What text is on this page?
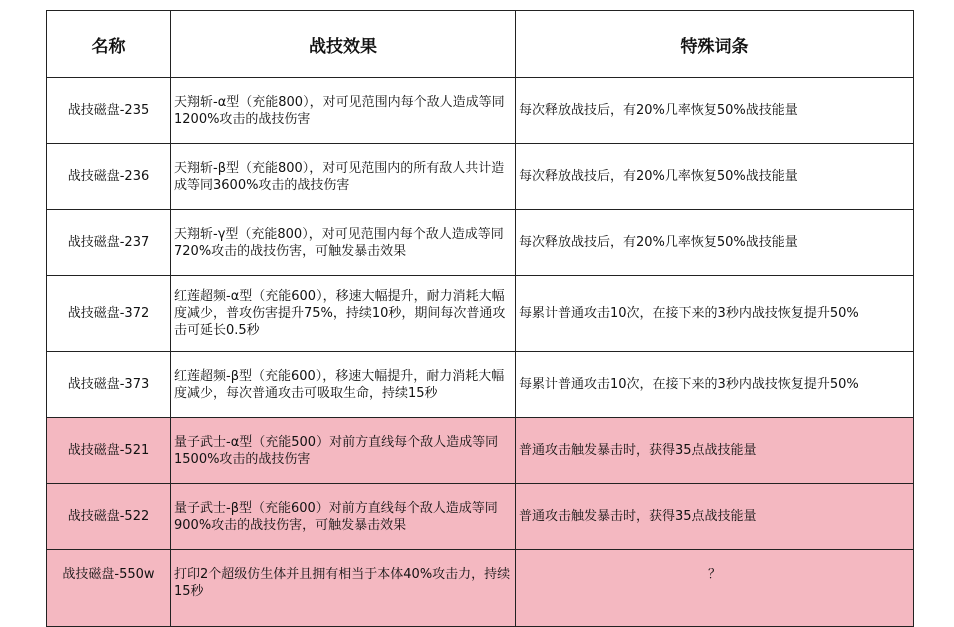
名称	战技效果	特殊词条
战技磁盘-235	天翔斩-α型（充能800），对可见范围内每个敌人造成等同1200%攻击的战技伤害	每次释放战技后，有20%几率恢复50%战技能量
战技磁盘-236	天翔斩-β型（充能800），对可见范围内的所有敌人共计造成等同3600%攻击的战技伤害	每次释放战技后，有20%几率恢复50%战技能量
战技磁盘-237	天翔斩-γ型（充能800），对可见范围内每个敌人造成等同720%攻击的战技伤害，可触发暴击效果	每次释放战技后，有20%几率恢复50%战技能量
战技磁盘-372	红莲超频-α型（充能600），移速大幅提升，耐力消耗大幅度减少，普攻伤害提升75%，持续10秒，期间每次普通攻击可延长0.5秒	每累计普通攻击10次，在接下来的3秒内战技恢复提升50%
战技磁盘-373	红莲超频-β型（充能600），移速大幅提升，耐力消耗大幅度减少，每次普通攻击可吸取生命，持续15秒	每累计普通攻击10次，在接下来的3秒内战技恢复提升50%
战技磁盘-521	量子武士-α型（充能500）对前方直线每个敌人造成等同1500%攻击的战技伤害	普通攻击触发暴击时，获得35点战技能量
战技磁盘-522	量子武士-β型（充能600）对前方直线每个敌人造成等同900%攻击的战技伤害，可触发暴击效果	普通攻击触发暴击时，获得35点战技能量
战技磁盘-550w	打印2个超级仿生体并且拥有相当于本体40%攻击力，持续15秒	？
